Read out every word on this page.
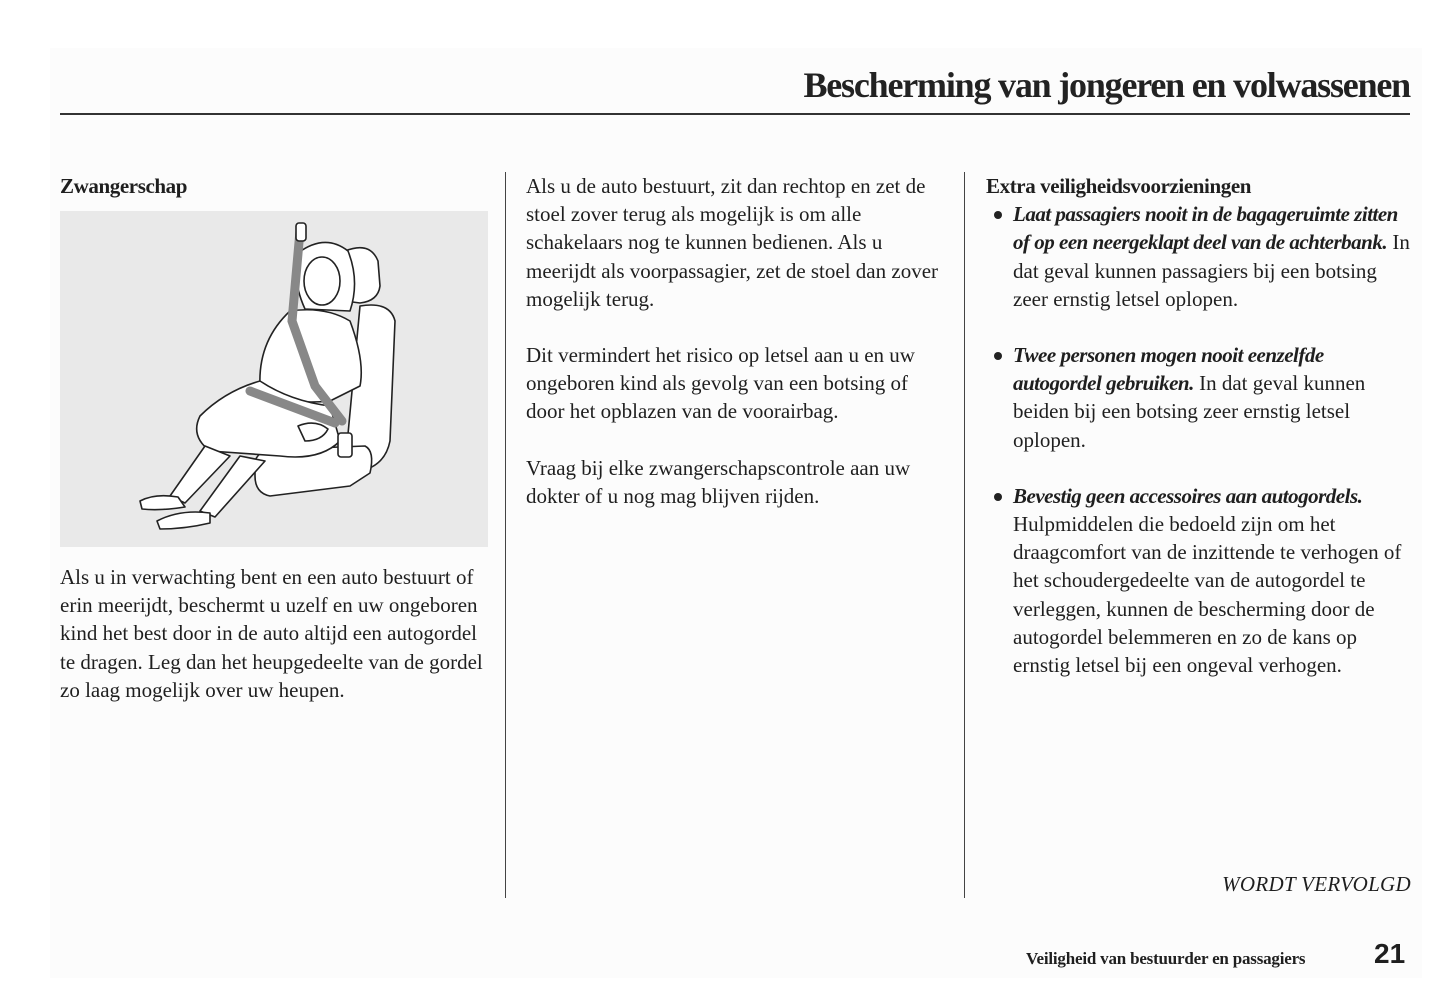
Bescherming van jongeren en volwassenen

Zwangerschap

Als u in verwachting bent en een auto bestuurt of erin meerijdt, beschermt u uzelf en uw ongeboren kind het best door in de auto altijd een autogordel te dragen. Leg dan het heupgedeelte van de gordel zo laag mogelijk over uw heupen.

Als u de auto bestuurt, zit dan rechtop en zet de stoel zover terug als mogelijk is om alle schakelaars nog te kunnen bedienen. Als u meerijdt als voorpassagier, zet de stoel dan zover mogelijk terug.

Dit vermindert het risico op letsel aan u en uw ongeboren kind als gevolg van een botsing of door het opblazen van de voorairbag.

Vraag bij elke zwangerschapscontrole aan uw dokter of u nog mag blijven rijden.

Extra veiligheidsvoorzieningen

Laat passagiers nooit in de bagageruimte zitten of op een neergeklapt deel van de achterbank. In dat geval kunnen passagiers bij een botsing zeer ernstig letsel oplopen.
Twee personen mogen nooit eenzelfde autogordel gebruiken. In dat geval kunnen beiden bij een botsing zeer ernstig letsel oplopen.
Bevestig geen accessoires aan autogordels. Hulpmiddelen die bedoeld zijn om het draagcomfort van de inzittende te verhogen of het schoudergedeelte van de autogordel te verleggen, kunnen de bescherming door de autogordel belemmeren en zo de kans op ernstig letsel bij een ongeval verhogen.
WORDT VERVOLGD
Veiligheid van bestuurder en passagiers 21
